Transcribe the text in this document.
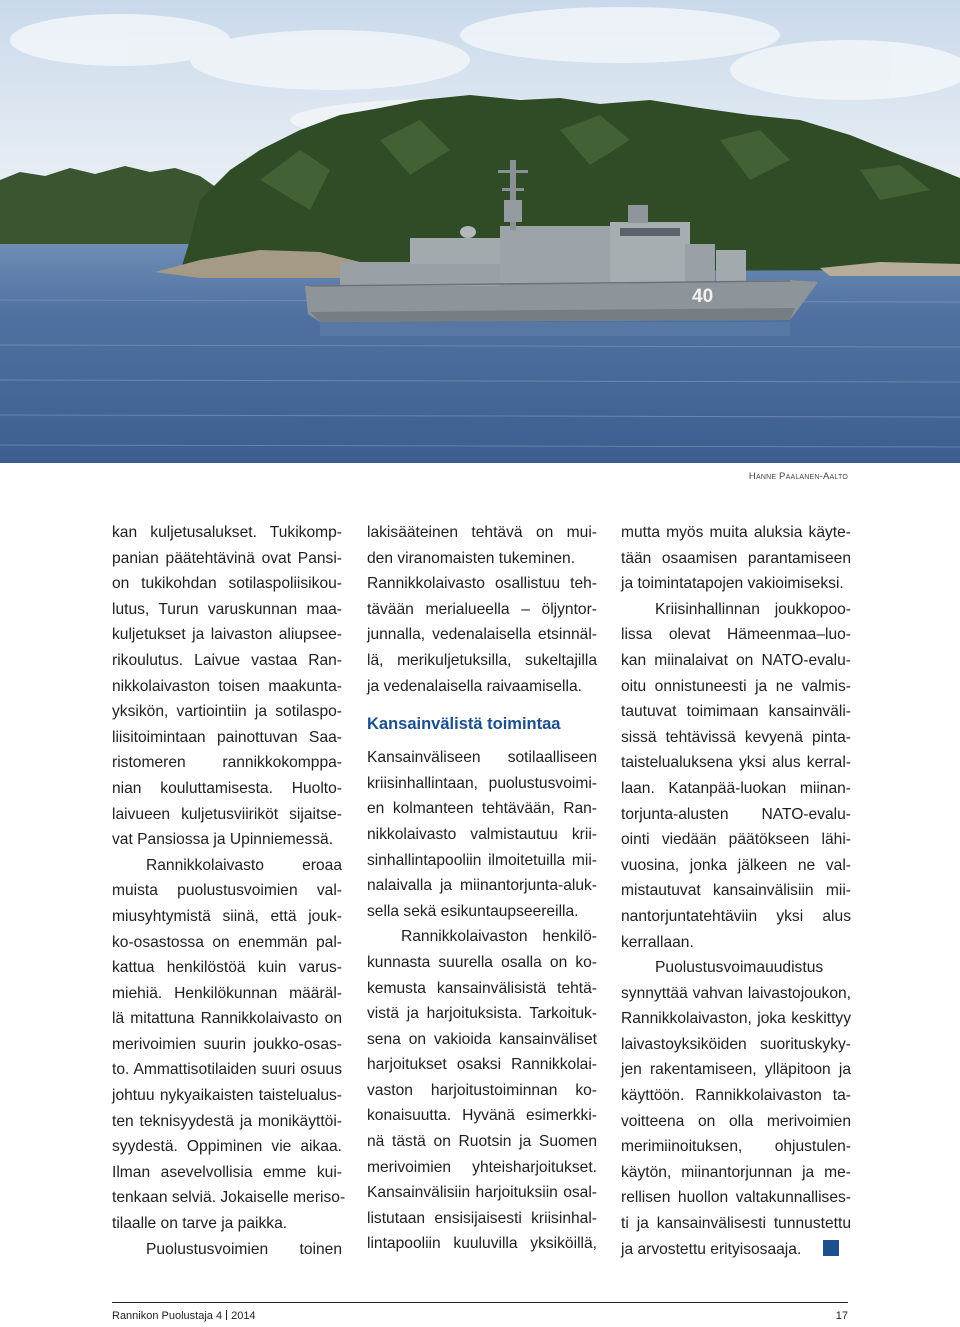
40
Hanne Paalanen-Aalto
kan kuljetusalukset. Tukikomp-
panian päätehtävinä ovat Pansi-
on tukikohdan sotilaspoliisikou-
lutus, Turun varuskunnan maa-
kuljetukset ja laivaston aliupsee-
rikoulutus. Laivue vastaa Ran-
nikkolaivaston toisen maakunta-
yksikön, vartiointiin ja sotilaspo-
liisitoimintaan painottuvan Saa-
ristomeren rannikkokomppa-
nian kouluttamisesta. Huolto-
laivueen kuljetusviiriköt sijaitse-
vat Pansiossa ja Upinniemessä.
Rannikkolaivasto eroaa
muista puolustusvoimien val-
miusyhtymistä siinä, että jouk-
ko-osastossa on enemmän pal-
kattua henkilöstöä kuin varus-
miehiä. Henkilökunnan määräl-
lä mitattuna Rannikkolaivasto on
merivoimien suurin joukko-osas-
to. Ammattisotilaiden suuri osuus
johtuu nykyaikaisten taistelualus-
ten teknisyydestä ja monikäyttöi-
syydestä. Oppiminen vie aikaa.
Ilman asevelvollisia emme kui-
tenkaan selviä. Jokaiselle meriso-
tilaalle on tarve ja paikka.
Puolustusvoimien toinen
lakisääteinen tehtävä on mui-
den viranomaisten tukeminen.
Rannikkolaivasto osallistuu teh-
tävään merialueella – öljyntor-
junnalla, vedenalaisella etsinnäl-
lä, merikuljetuksilla, sukeltajilla
ja vedenalaisella raivaamisella.
Kansainvälistä toimintaa
Kansainväliseen sotilaalliseen
kriisinhallintaan, puolustusvoimi-
en kolmanteen tehtävään, Ran-
nikkolaivasto valmistautuu krii-
sinhallintapooliin ilmoitetuilla mii-
nalaivalla ja miinantorjunta-aluk-
sella sekä esikuntaupseereilla.
Rannikkolaivaston henkilö-
kunnasta suurella osalla on ko-
kemusta kansainvälisistä tehtä-
vistä ja harjoituksista. Tarkoituk-
sena on vakioida kansainväliset
harjoitukset osaksi Rannikkolai-
vaston harjoitustoiminnan ko-
konaisuutta. Hyvänä esimerkki-
nä tästä on Ruotsin ja Suomen
merivoimien yhteisharjoitukset.
Kansainvälisiin harjoituksiin osal-
listutaan ensisijaisesti kriisinhal-
lintapooliin kuuluvilla yksiköillä,
mutta myös muita aluksia käyte-
tään osaamisen parantamiseen
ja toimintatapojen vakioimiseksi.
Kriisinhallinnan joukkopoo-
lissa olevat Hämeenmaa–luo-
kan miinalaivat on NATO-evalu-
oitu onnistuneesti ja ne valmis-
tautuvat toimimaan kansainväli-
sissä tehtävissä kevyenä pinta-
taistelualuksena yksi alus kerral-
laan. Katanpää-luokan miinan-
torjunta-alusten NATO-evalu-
ointi viedään päätökseen lähi-
vuosina, jonka jälkeen ne val-
mistautuvat kansainvälisiin mii-
nantorjuntatehtäviin yksi alus
kerrallaan.
Puolustusvoimauudistus
synnyttää vahvan laivastojoukon,
Rannikkolaivaston, joka keskittyy
laivastoyksiköiden suorituskyky-
jen rakentamiseen, ylläpitoon ja
käyttöön. Rannikkolaivaston ta-
voitteena on olla merivoimien
merimiinoituksen, ohjustulen-
käytön, miinantorjunnan ja me-
rellisen huollon valtakunnallises-
ti ja kansainvälisesti tunnustettu
ja arvostettu erityisosaaja.
Rannikon Puolustaja 4 2014	17
